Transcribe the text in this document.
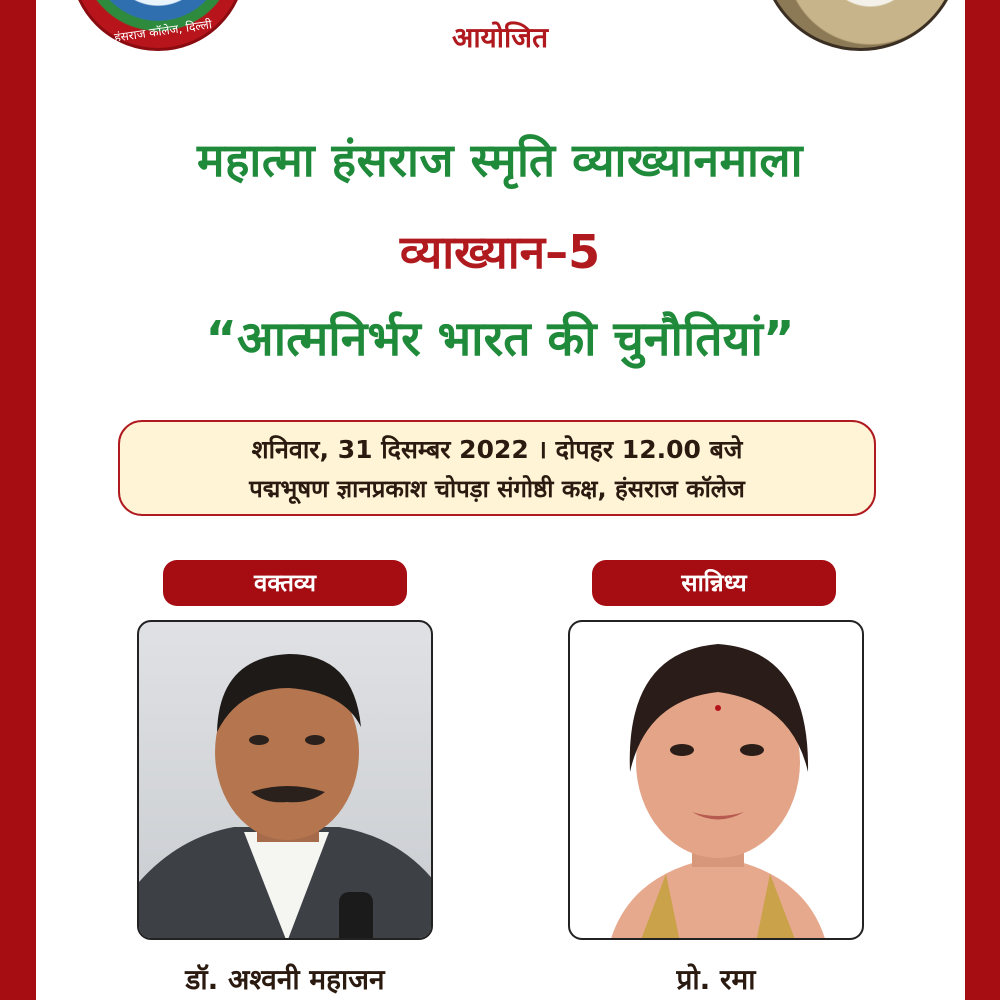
हंसराज कॉलेज, दिल्ली	आयोजित
महात्मा हंसराज स्मृति व्याख्यानमाला
व्याख्यान–5
“आत्मनिर्भर भारत की चुनौतियां”
शनिवार, 31 दिसम्बर 2022 । दोपहर 12.00 बजे
पद्मभूषण ज्ञानप्रकाश चोपड़ा संगोष्ठी कक्ष, हंसराज कॉलेज
वक्तव्य	सान्निध्य
डॉ. अश्वनी महाजन	प्रो. रमा
